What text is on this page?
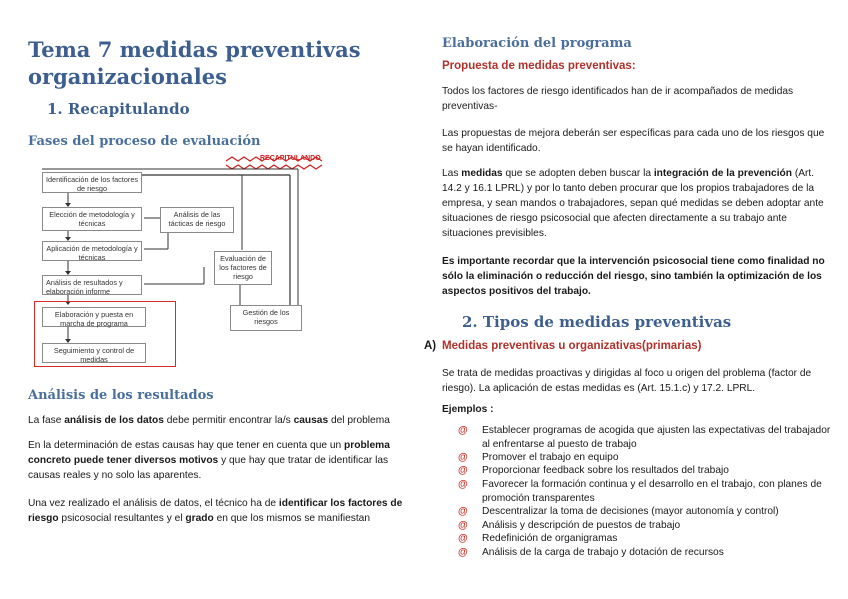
Tema 7 medidas preventivas organizacionales
1. Recapitulando
Fases del proceso de evaluación
RECAPITULANDO
Identificación de los factores de riesgo
Elección de metodología y técnicas
Análisis de las tácticas de riesgo
Aplicación de metodología y técnicas	Evaluación de los factores de riesgo
Análisis de resultados y elaboración informe
Elaboración y puesta en marcha de programa
Seguimiento y control de medidas
Gestión de los riesgos
Análisis de los resultados
La fase análisis de los datos debe permitir encontrar la/s causas del problema
En la determinación de estas causas hay que tener en cuenta que un problema concreto puede tener diversos motivos y que hay que tratar de identificar las causas reales y no solo las aparentes.
Una vez realizado el análisis de datos, el técnico ha de identificar los factores de riesgo psicosocial resultantes y el grado en que los mismos se manifiestan
Elaboración del programa
Propuesta de medidas preventivas:
Todos los factores de riesgo identificados han de ir acompañados de medidas preventivas-
Las propuestas de mejora deberán ser específicas para cada uno de los riesgos que se hayan identificado.
Las medidas que se adopten deben buscar la integración de la prevención (Art. 14.2 y 16.1 LPRL) y por lo tanto deben procurar que los propios trabajadores de la empresa, y sean mandos o trabajadores, sepan qué medidas se deben adoptar ante situaciones de riesgo psicosocial que afecten directamente a su trabajo ante situaciones previsibles.
Es importante recordar que la intervención psicosocial tiene como finalidad no sólo la eliminación o reducción del riesgo, sino también la optimización de los aspectos positivos del trabajo.
2. Tipos de medidas preventivas
A) Medidas preventivas u organizativas(primarias)
Se trata de medidas proactivas y dirigidas al foco u origen del problema (factor de riesgo). La aplicación de estas medidas es (Art. 15.1.c) y 17.2. LPRL.
Ejemplos :
@	Establecer programas de acogida que ajusten las expectativas del trabajador al enfrentarse al puesto de trabajo
@	Promover el trabajo en equipo
@	Proporcionar feedback sobre los resultados del trabajo
@	Favorecer la formación continua y el desarrollo en el trabajo, con planes de promoción transparentes
@	Descentralizar la toma de decisiones (mayor autonomía y control)
@	Análisis y descripción de puestos de trabajo
@	Redefinición de organigramas
@	Análisis de la carga de trabajo y dotación de recursos
